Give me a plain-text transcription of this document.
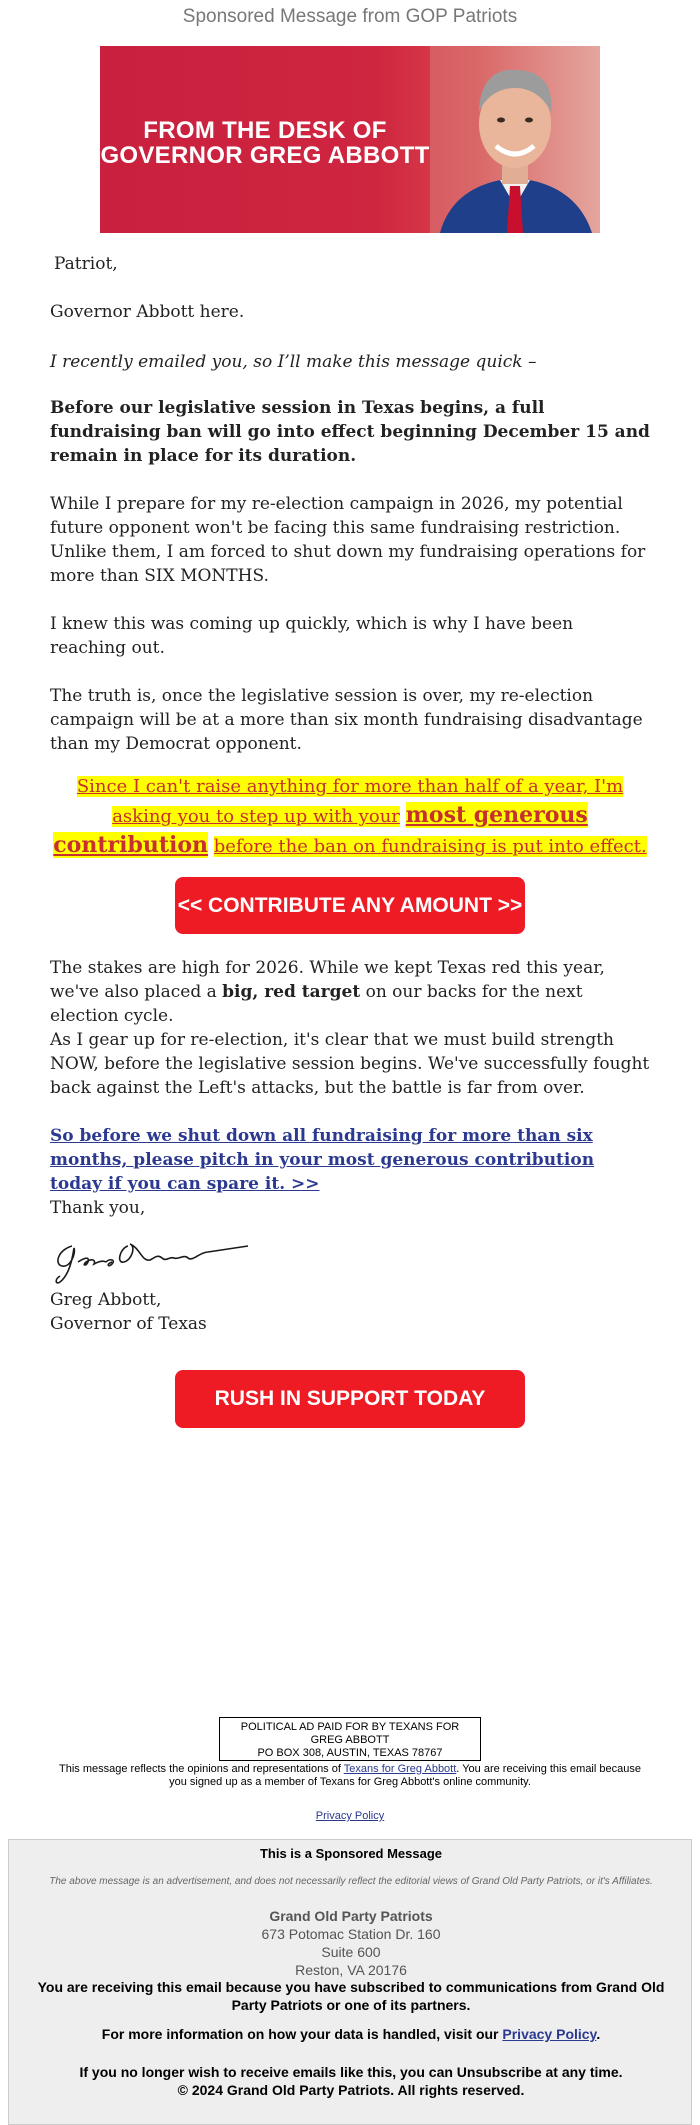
Sponsored Message from GOP Patriots
FROM THE DESK OF
GOVERNOR GREG ABBOTT
Patriot,
Governor Abbott here.
I recently emailed you, so I’ll make this message quick –
Before our legislative session in Texas begins, a full fundraising ban will go into effect beginning December 15 and remain in place for its duration.
While I prepare for my re-election campaign in 2026, my potential future opponent won't be facing this same fundraising restriction. Unlike them, I am forced to shut down my fundraising operations for more than SIX MONTHS.
I knew this was coming up quickly, which is why I have been reaching out.
The truth is, once the legislative session is over, my re-election campaign will be at a more than six month fundraising disadvantage than my Democrat opponent.
Since I can't raise anything for more than half of a year, I'm asking you to step up with your most generous contribution before the ban on fundraising is put into effect.
<< CONTRIBUTE ANY AMOUNT >>
The stakes are high for 2026. While we kept Texas red this year, we've also placed a big, red target on our backs for the next election cycle.
As I gear up for re-election, it's clear that we must build strength NOW, before the legislative session begins. We've successfully fought back against the Left's attacks, but the battle is far from over.
So before we shut down all fundraising for more than six months, please pitch in your most generous contribution today if you can spare it. >>
Thank you,
Greg Abbott,
Governor of Texas
RUSH IN SUPPORT TODAY
POLITICAL AD PAID FOR BY TEXANS FOR
GREG ABBOTT
PO BOX 308, AUSTIN, TEXAS 78767
This message reflects the opinions and representations of Texans for Greg Abbott. You are receiving this email because you signed up as a member of Texans for Greg Abbott's online community.
Privacy Policy
This is a Sponsored Message
The above message is an advertisement, and does not necessarily reflect the editorial views of Grand Old Party Patriots, or it's Affiliates.
Grand Old Party Patriots
673 Potomac Station Dr. 160
Suite 600
Reston, VA 20176
You are receiving this email because you have subscribed to communications from Grand Old Party Patriots or one of its partners.
For more information on how your data is handled, visit our Privacy Policy.
If you no longer wish to receive emails like this, you can Unsubscribe at any time.
© 2024 Grand Old Party Patriots. All rights reserved.
